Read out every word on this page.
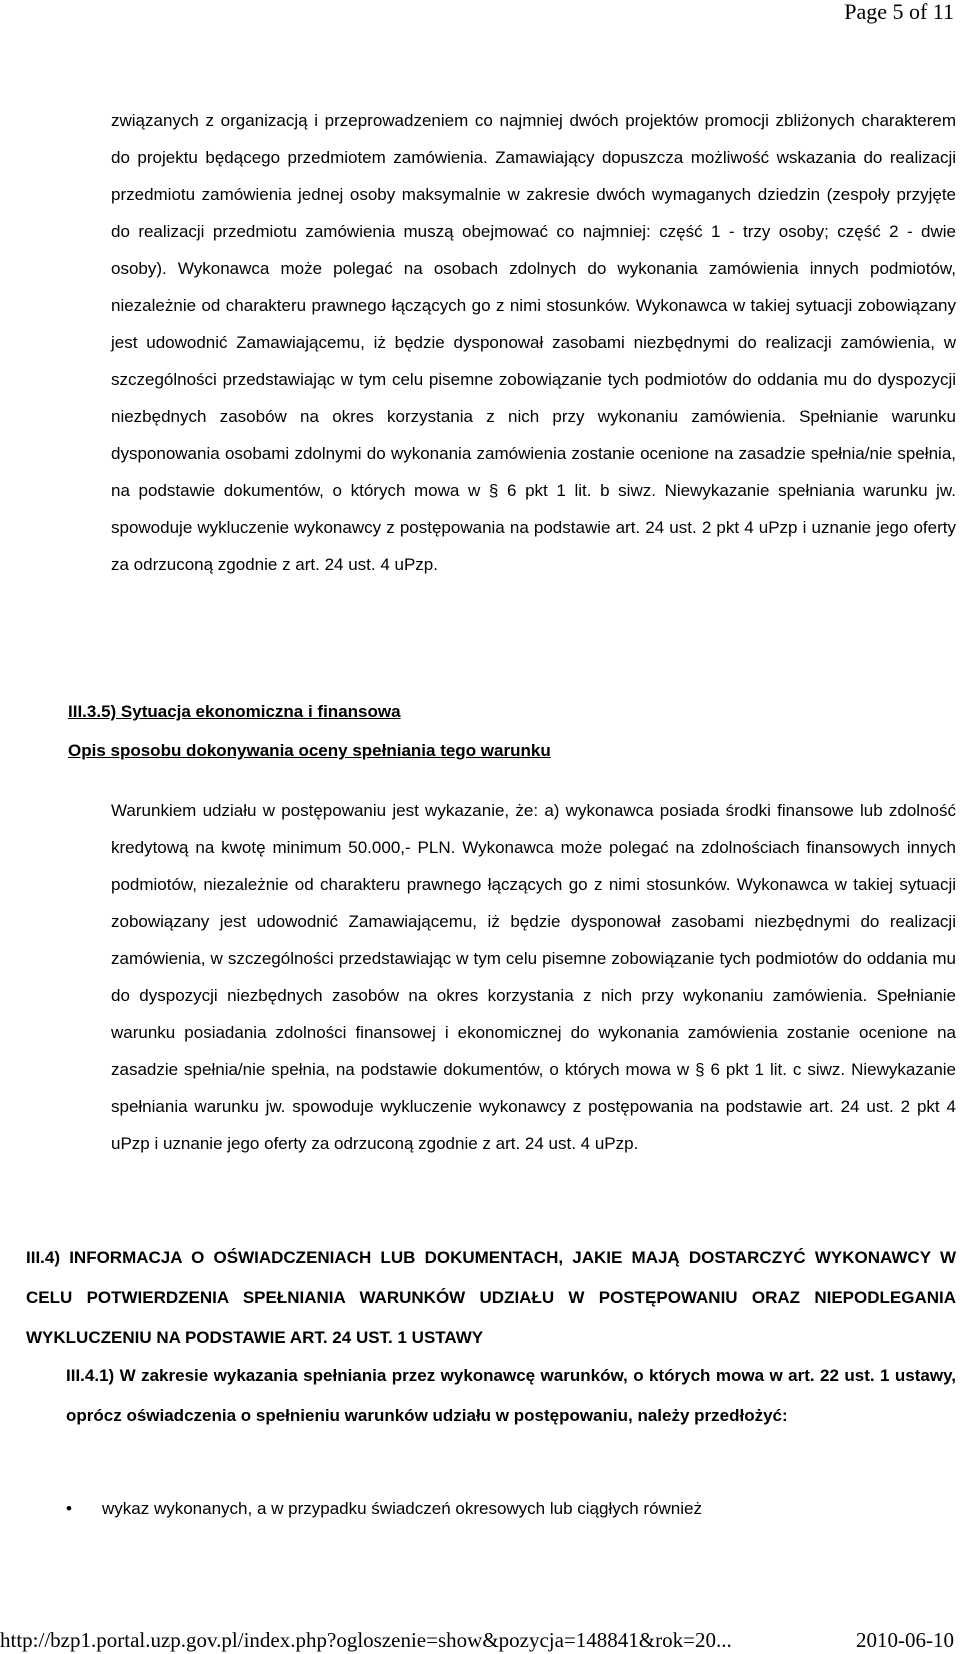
Page 5 of 11

związanych z organizacją i przeprowadzeniem co najmniej dwóch projektów promocji zbliżonych charakterem do projektu będącego przedmiotem zamówienia. Zamawiający dopuszcza możliwość wskazania do realizacji przedmiotu zamówienia jednej osoby maksymalnie w zakresie dwóch wymaganych dziedzin (zespoły przyjęte do realizacji przedmiotu zamówienia muszą obejmować co najmniej: część 1 - trzy osoby; część 2 - dwie osoby). Wykonawca może polegać na osobach zdolnych do wykonania zamówienia innych podmiotów, niezależnie od charakteru prawnego łączących go z nimi stosunków. Wykonawca w takiej sytuacji zobowiązany jest udowodnić Zamawiającemu, iż będzie dysponował zasobami niezbędnymi do realizacji zamówienia, w szczególności przedstawiając w tym celu pisemne zobowiązanie tych podmiotów do oddania mu do dyspozycji niezbędnych zasobów na okres korzystania z nich przy wykonaniu zamówienia. Spełnianie warunku dysponowania osobami zdolnymi do wykonania zamówienia zostanie ocenione na zasadzie spełnia/nie spełnia, na podstawie dokumentów, o których mowa w § 6 pkt 1 lit. b siwz. Niewykazanie spełniania warunku jw. spowoduje wykluczenie wykonawcy z postępowania na podstawie art. 24 ust. 2 pkt 4 uPzp i uznanie jego oferty za odrzuconą zgodnie z art. 24 ust. 4 uPzp.

III.3.5) Sytuacja ekonomiczna i finansowa

Opis sposobu dokonywania oceny spełniania tego warunku

Warunkiem udziału w postępowaniu jest wykazanie, że: a) wykonawca posiada środki finansowe lub zdolność kredytową na kwotę minimum 50.000,- PLN. Wykonawca może polegać na zdolnościach finansowych innych podmiotów, niezależnie od charakteru prawnego łączących go z nimi stosunków. Wykonawca w takiej sytuacji zobowiązany jest udowodnić Zamawiającemu, iż będzie dysponował zasobami niezbędnymi do realizacji zamówienia, w szczególności przedstawiając w tym celu pisemne zobowiązanie tych podmiotów do oddania mu do dyspozycji niezbędnych zasobów na okres korzystania z nich przy wykonaniu zamówienia. Spełnianie warunku posiadania zdolności finansowej i ekonomicznej do wykonania zamówienia zostanie ocenione na zasadzie spełnia/nie spełnia, na podstawie dokumentów, o których mowa w § 6 pkt 1 lit. c siwz. Niewykazanie spełniania warunku jw. spowoduje wykluczenie wykonawcy z postępowania na podstawie art. 24 ust. 2 pkt 4 uPzp i uznanie jego oferty za odrzuconą zgodnie z art. 24 ust. 4 uPzp.

III.4) INFORMACJA O OŚWIADCZENIACH LUB DOKUMENTACH, JAKIE MAJĄ DOSTARCZYĆ WYKONAWCY W CELU POTWIERDZENIA SPEŁNIANIA WARUNKÓW UDZIAŁU W POSTĘPOWANIU ORAZ NIEPODLEGANIA WYKLUCZENIU NA PODSTAWIE ART. 24 UST. 1 USTAWY

III.4.1) W zakresie wykazania spełniania przez wykonawcę warunków, o których mowa w art. 22 ust. 1 ustawy, oprócz oświadczenia o spełnieniu warunków udziału w postępowaniu, należy przedłożyć:

• wykaz wykonanych, a w przypadku świadczeń okresowych lub ciągłych również

http://bzp1.portal.uzp.gov.pl/index.php?ogloszenie=show&pozycja=148841&rok=20...	2010-06-10
